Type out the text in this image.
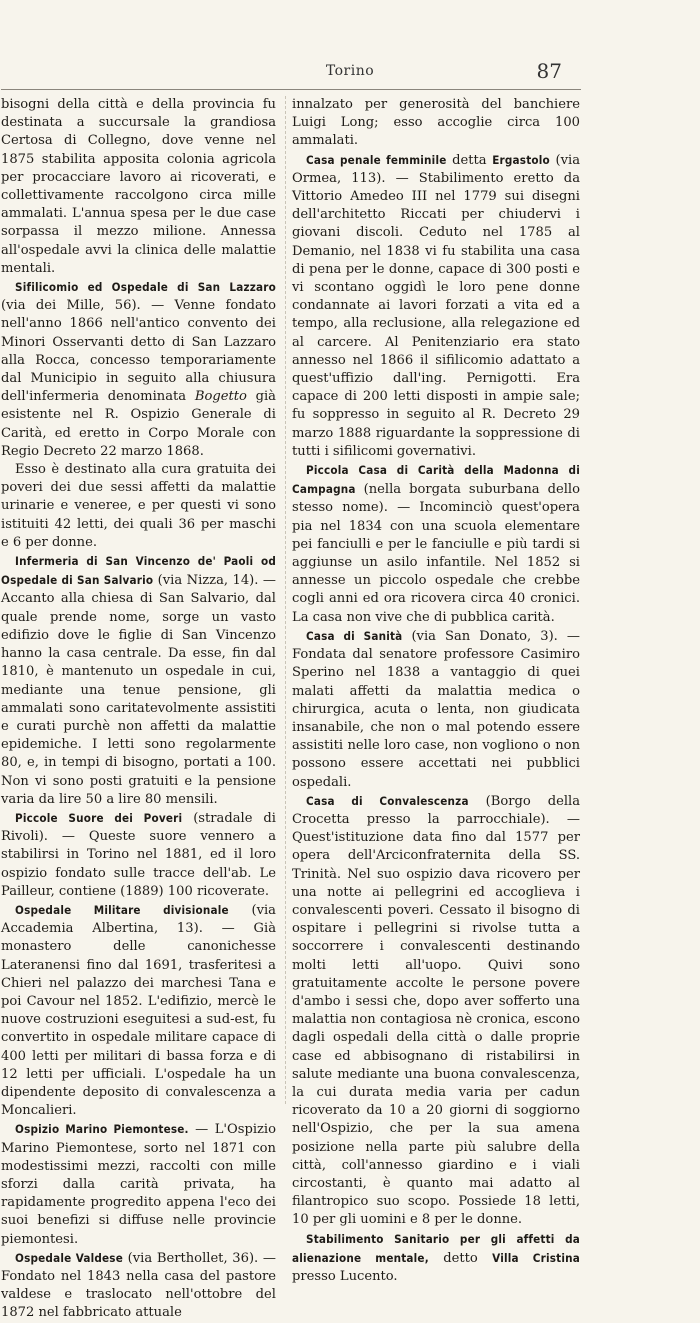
Torino	87

bisogni della città e della provincia fu destinata a succursale la grandiosa Certosa di Collegno, dove venne nel 1875 stabilita apposita colonia agricola per procacciare lavoro ai ricoverati, e collettivamente raccolgono circa mille ammalati. L'annua spesa per le due case sorpassa il mezzo milione. Annessa all'ospedale avvi la clinica delle malattie mentali.

Sifilicomio ed Ospedale di San Lazzaro (via dei Mille, 56). — Venne fondato nell'anno 1866 nell'antico convento dei Minori Osservanti detto di San Lazzaro alla Rocca, concesso temporariamente dal Municipio in seguito alla chiusura dell'infermeria denominata Bogetto già esistente nel R. Ospizio Generale di Carità, ed eretto in Corpo Morale con Regio Decreto 22 marzo 1868.

Esso è destinato alla cura gratuita dei poveri dei due sessi affetti da malattie urinarie e veneree, e per questi vi sono istituiti 42 letti, dei quali 36 per maschi e 6 per donne.

Infermeria di San Vincenzo de' Paoli od Ospedale di San Salvario (via Nizza, 14). — Accanto alla chiesa di San Salvario, dal quale prende nome, sorge un vasto edifizio dove le figlie di San Vincenzo hanno la casa centrale. Da esse, fin dal 1810, è mantenuto un ospedale in cui, mediante una tenue pensione, gli ammalati sono caritatevolmente assistiti e curati purchè non affetti da malattie epidemiche. I letti sono regolarmente 80, e, in tempi di bisogno, portati a 100. Non vi sono posti gratuiti e la pensione varia da lire 50 a lire 80 mensili.

Piccole Suore dei Poveri (stradale di Rivoli). — Queste suore vennero a stabilirsi in Torino nel 1881, ed il loro ospizio fondato sulle tracce dell'ab. Le Pailleur, contiene (1889) 100 ricoverate.

Ospedale Militare divisionale (via Accademia Albertina, 13). — Già monastero delle canonichesse Lateranensi fino dal 1691, trasferitesi a Chieri nel palazzo dei marchesi Tana e poi Cavour nel 1852. L'edifizio, mercè le nuove costruzioni eseguitesi a sud-est, fu convertito in ospedale militare capace di 400 letti per militari di bassa forza e di 12 letti per ufficiali. L'ospedale ha un dipendente deposito di convalescenza a Moncalieri.

Ospizio Marino Piemontese. — L'Ospizio Marino Piemontese, sorto nel 1871 con modestissimi mezzi, raccolti con mille sforzi dalla carità privata, ha rapidamente progredito appena l'eco dei suoi benefizi si diffuse nelle provincie piemontesi.

Ospedale Valdese (via Berthollet, 36). — Fondato nel 1843 nella casa del pastore valdese e traslocato nell'ottobre del 1872 nel fabbricato attuale

innalzato per generosità del banchiere Luigi Long; esso accoglie circa 100 ammalati.

Casa penale femminile detta Ergastolo (via Ormea, 113). — Stabilimento eretto da Vittorio Amedeo III nel 1779 sui disegni dell'architetto Riccati per chiudervi i giovani discoli. Ceduto nel 1785 al Demanio, nel 1838 vi fu stabilita una casa di pena per le donne, capace di 300 posti e vi scontano oggidì le loro pene donne condannate ai lavori forzati a vita ed a tempo, alla reclusione, alla relegazione ed al carcere. Al Penitenziario era stato annesso nel 1866 il sifilicomio adattato a quest'uffizio dall'ing. Pernigotti. Era capace di 200 letti disposti in ampie sale; fu soppresso in seguito al R. Decreto 29 marzo 1888 riguardante la soppressione di tutti i sifilicomi governativi.

Piccola Casa di Carità della Madonna di Campagna (nella borgata suburbana dello stesso nome). — Incominciò quest'opera pia nel 1834 con una scuola elementare pei fanciulli e per le fanciulle e più tardi si aggiunse un asilo infantile. Nel 1852 si annesse un piccolo ospedale che crebbe cogli anni ed ora ricovera circa 40 cronici. La casa non vive che di pubblica carità.

Casa di Sanità (via San Donato, 3). — Fondata dal senatore professore Casimiro Sperino nel 1838 a vantaggio di quei malati affetti da malattia medica o chirurgica, acuta o lenta, non giudicata insanabile, che non o mal potendo essere assistiti nelle loro case, non vogliono o non possono essere accettati nei pubblici ospedali.

Casa di Convalescenza (Borgo della Crocetta presso la parrocchiale). — Quest'istituzione data fino dal 1577 per opera dell'Arciconfraternita della SS. Trinità. Nel suo ospizio dava ricovero per una notte ai pellegrini ed accoglieva i convalescenti poveri. Cessato il bisogno di ospitare i pellegrini si rivolse tutta a soccorrere i convalescenti destinando molti letti all'uopo. Quivi sono gratuitamente accolte le persone povere d'ambo i sessi che, dopo aver sofferto una malattia non contagiosa nè cronica, escono dagli ospedali della città o dalle proprie case ed abbisognano di ristabilirsi in salute mediante una buona convalescenza, la cui durata media varia per cadun ricoverato da 10 a 20 giorni di soggiorno nell'Ospizio, che per la sua amena posizione nella parte più salubre della città, coll'annesso giardino e i viali circostanti, è quanto mai adatto al filantropico suo scopo. Possiede 18 letti, 10 per gli uomini e 8 per le donne.

Stabilimento Sanitario per gli affetti da alienazione mentale, detto Villa Cristina presso Lucento.
